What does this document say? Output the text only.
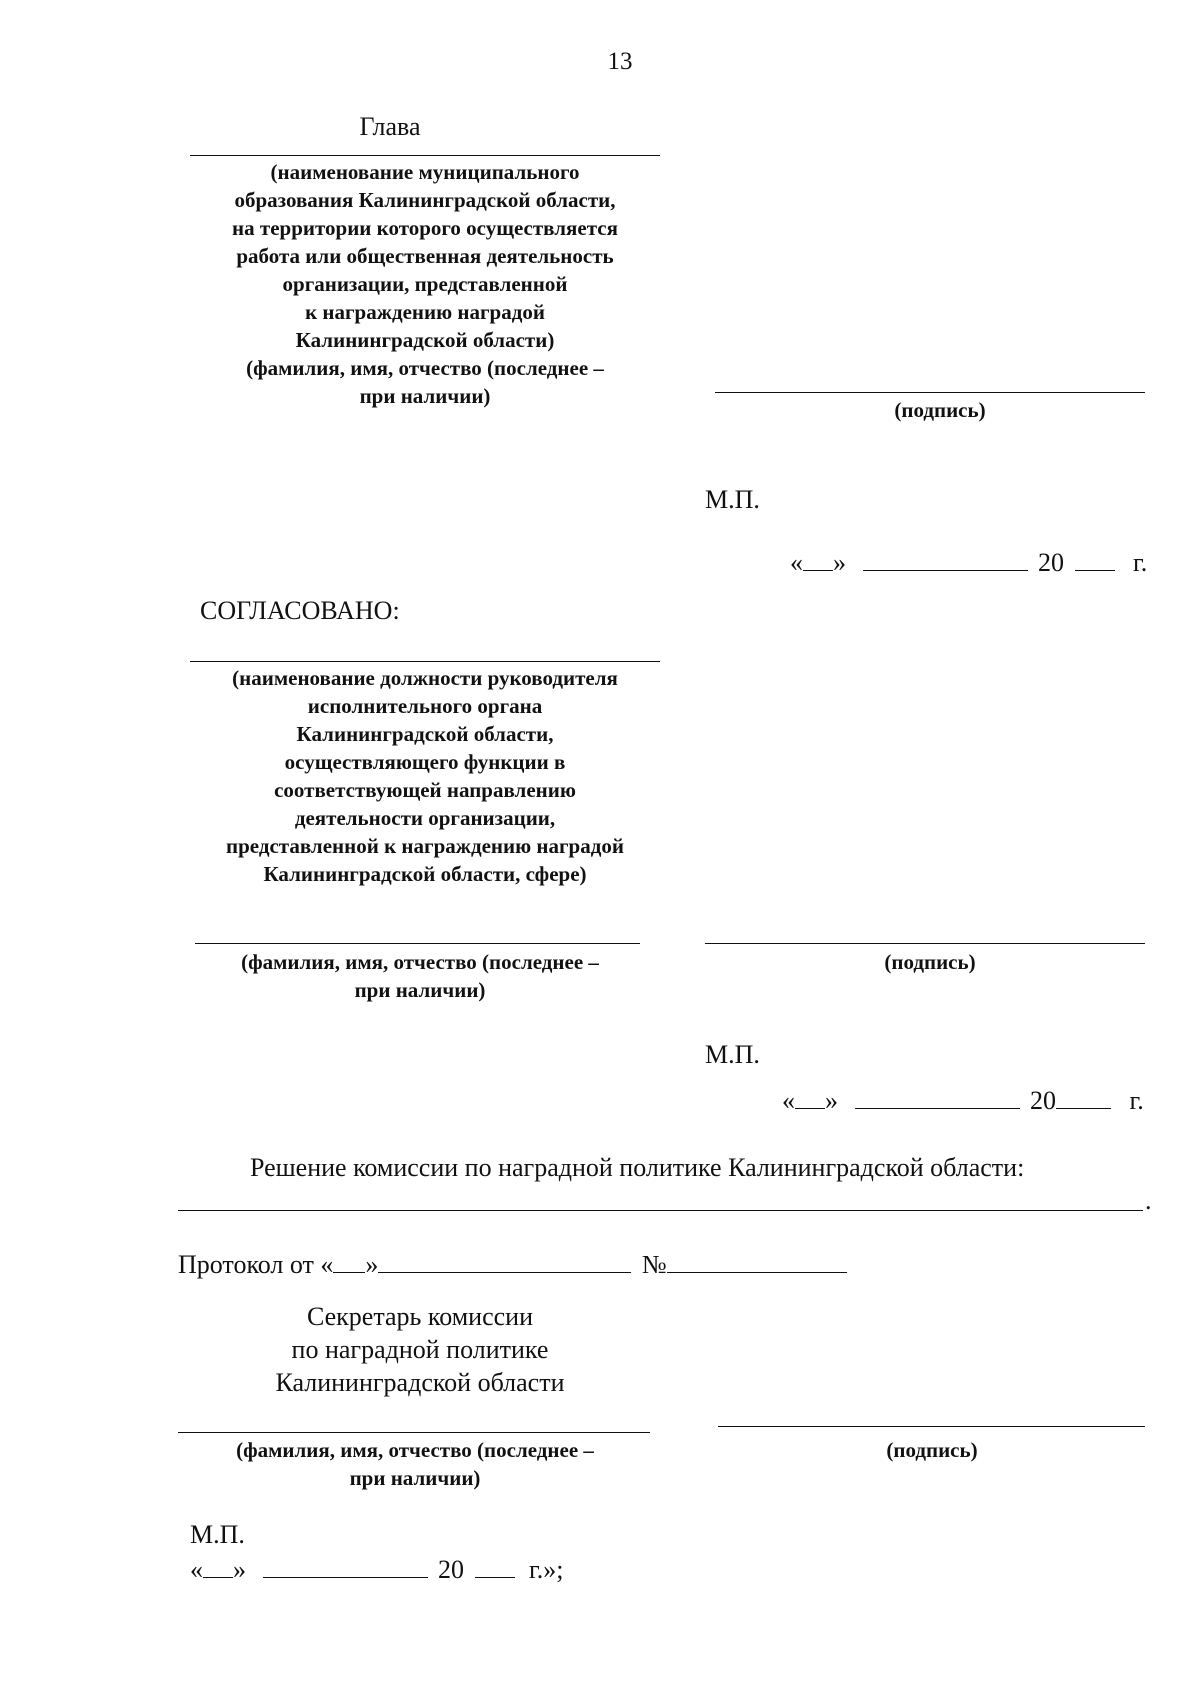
13
Глава
(наименование муниципального
образования Калининградской области,
на территории которого осуществляется
работа или общественная деятельность
организации, представленной
к награждению наградой
Калининградской области)
(фамилия, имя, отчество (последнее –
при наличии)
(подпись)
М.П.
« »	20	г.
СОГЛАСОВАНО:
(наименование должности руководителя
исполнительного органа
Калининградской области,
осуществляющего функции в
соответствующей направлению
деятельности организации,
представленной к награждению наградой
Калининградской области, сфере)
(фамилия, имя, отчество (последнее –
при наличии)
(подпись)
М.П.
« »	20	г.
Решение комиссии по наградной политике Калининградской области:
.
Протокол от « »	№
Секретарь комиссии
по наградной политике
Калининградской области
(фамилия, имя, отчество (последнее –
при наличии)
(подпись)
М.П.
« »	20	г.»;
